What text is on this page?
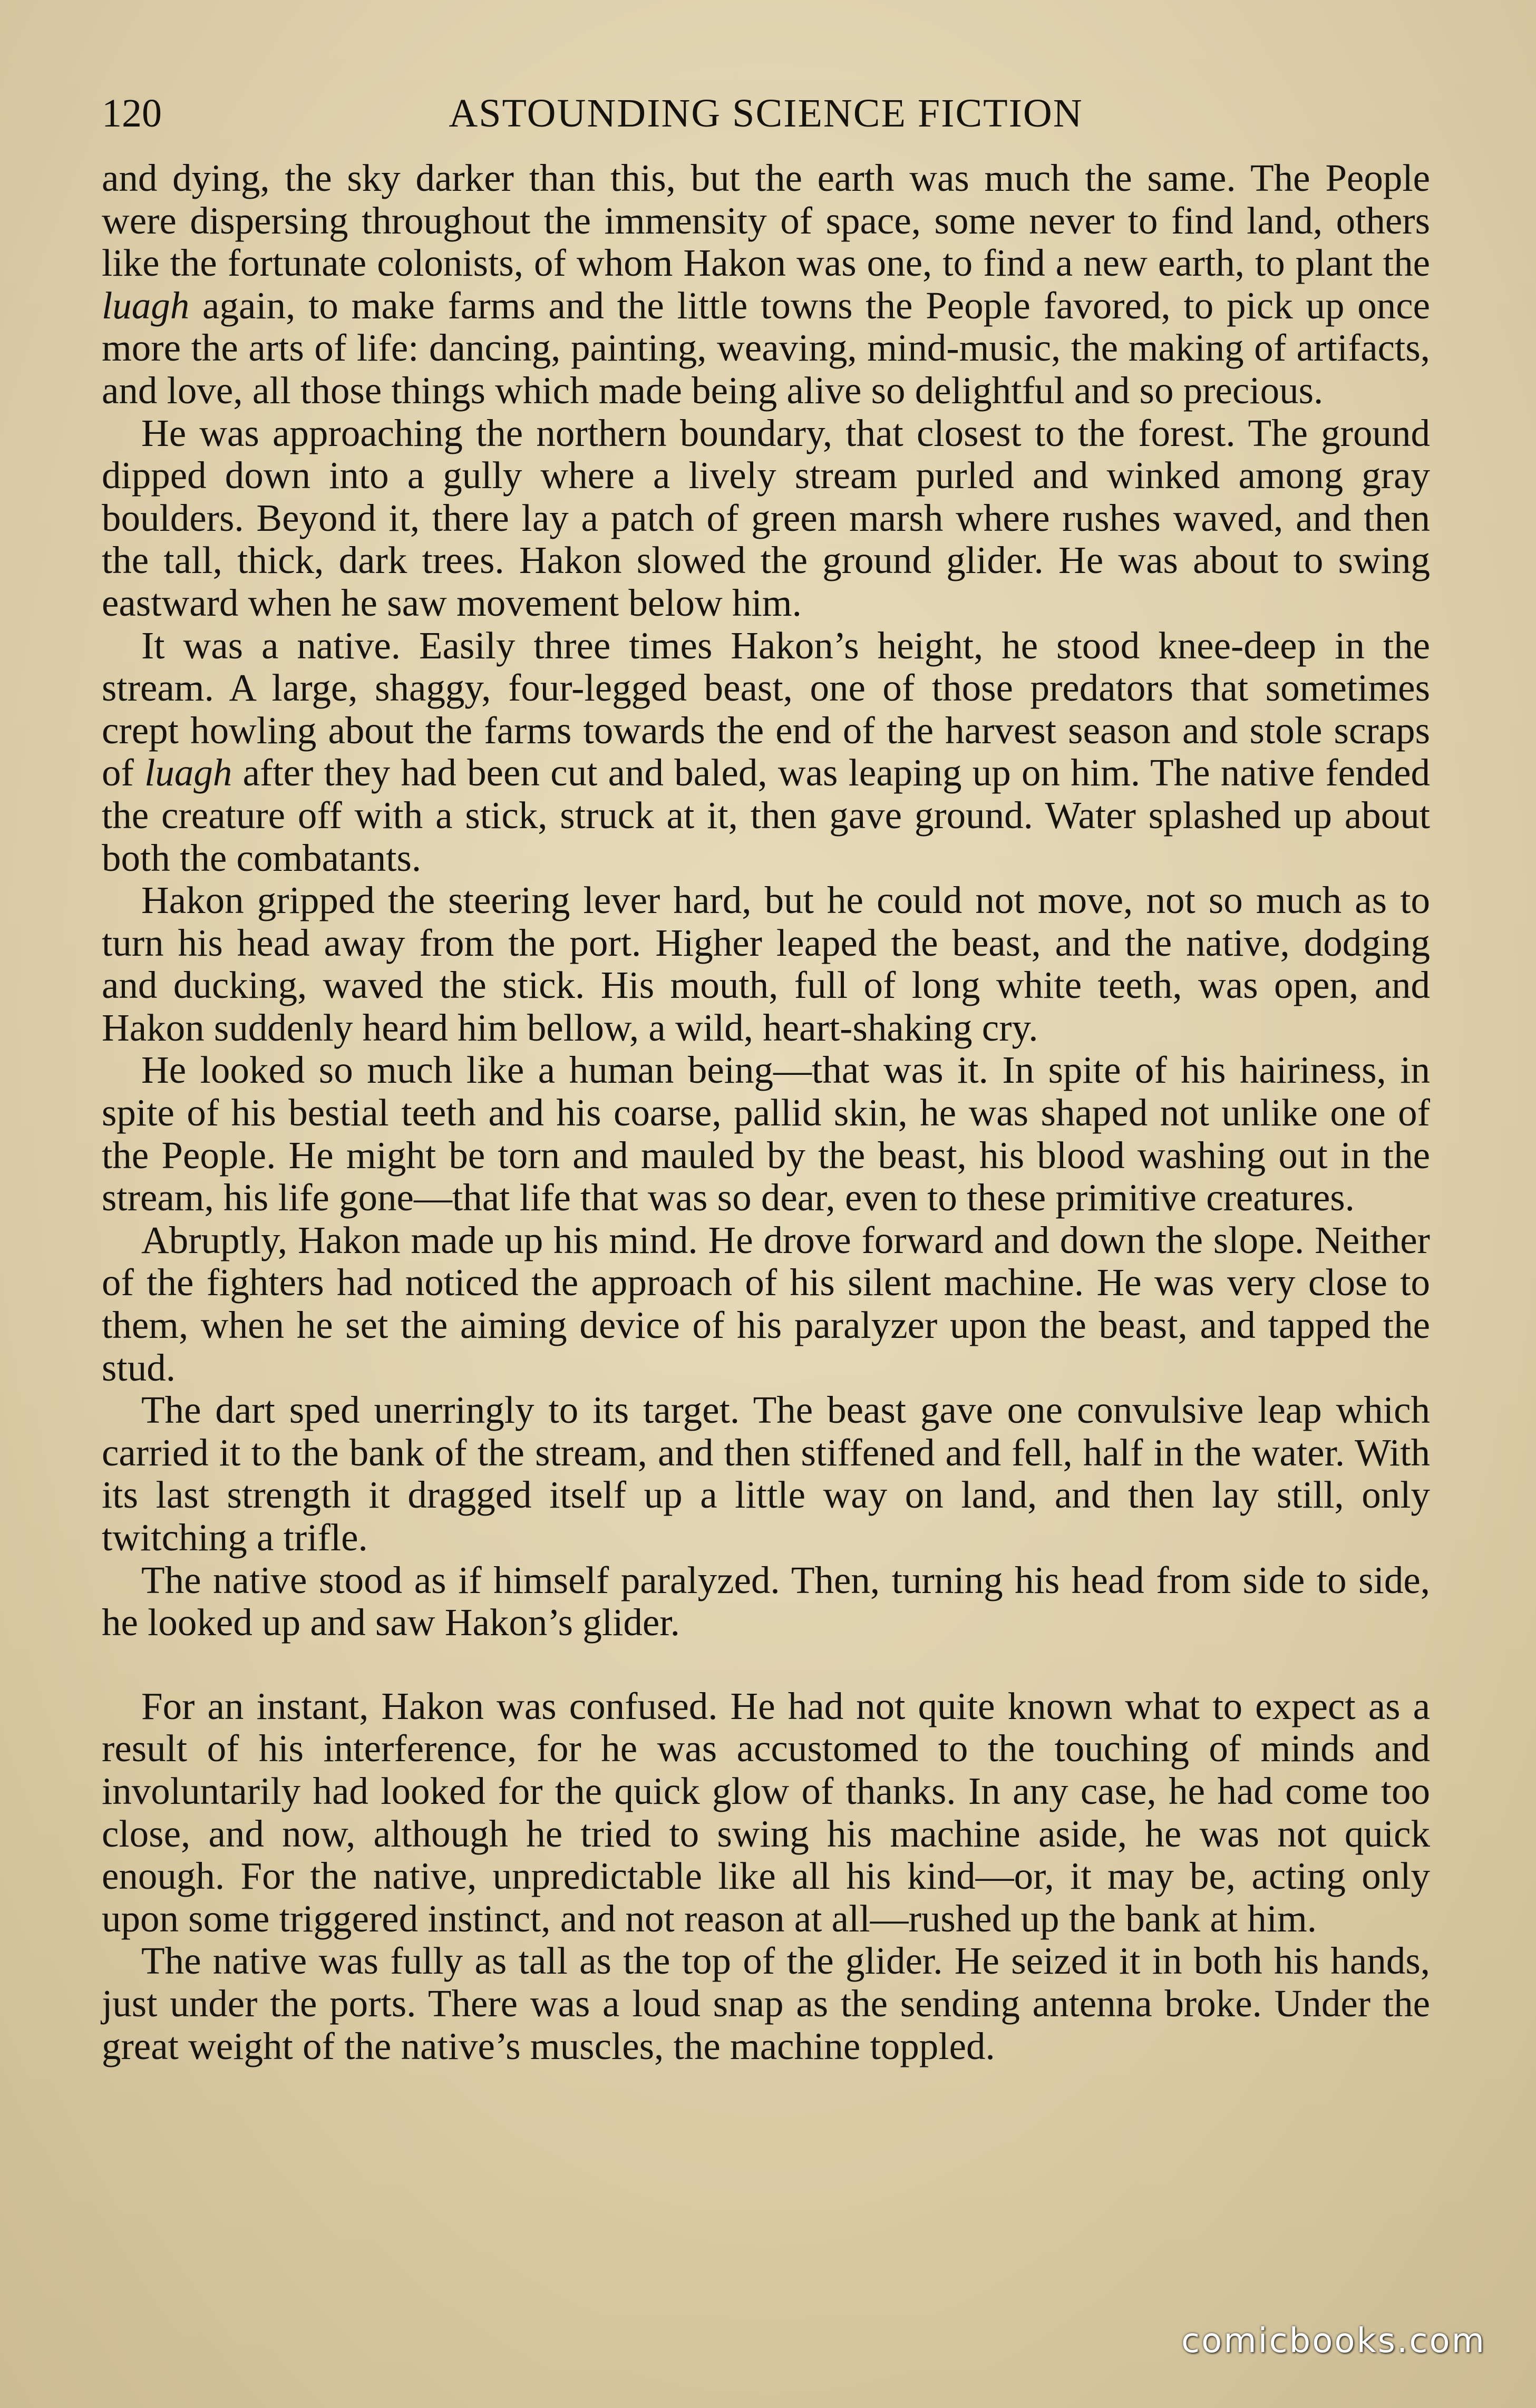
120	ASTOUNDING SCIENCE FICTION

and dying, the sky darker than this, but the earth was much the same. The People were dispersing throughout the immensity of space, some never to find land, others like the fortunate colonists, of whom Hakon was one, to find a new earth, to plant the luagh again, to make farms and the little towns the People favored, to pick up once more the arts of life: dancing, painting, weaving, mind-music, the making of artifacts, and love, all those things which made being alive so delightful and so precious.

He was approaching the northern boundary, that closest to the forest. The ground dipped down into a gully where a lively stream purled and winked among gray boulders. Beyond it, there lay a patch of green marsh where rushes waved, and then the tall, thick, dark trees. Hakon slowed the ground glider. He was about to swing eastward when he saw movement below him.

It was a native. Easily three times Hakon’s height, he stood knee-deep in the stream. A large, shaggy, four-legged beast, one of those predators that sometimes crept howling about the farms towards the end of the harvest season and stole scraps of luagh after they had been cut and baled, was leaping up on him. The native fended the creature off with a stick, struck at it, then gave ground. Water splashed up about both the combatants.

Hakon gripped the steering lever hard, but he could not move, not so much as to turn his head away from the port. Higher leaped the beast, and the native, dodging and ducking, waved the stick. His mouth, full of long white teeth, was open, and Hakon suddenly heard him bellow, a wild, heart-shaking cry.

He looked so much like a human being—that was it. In spite of his hairiness, in spite of his bestial teeth and his coarse, pallid skin, he was shaped not unlike one of the People. He might be torn and mauled by the beast, his blood washing out in the stream, his life gone—that life that was so dear, even to these primitive creatures.

Abruptly, Hakon made up his mind. He drove forward and down the slope. Neither of the fighters had noticed the approach of his silent machine. He was very close to them, when he set the aiming device of his paralyzer upon the beast, and tapped the stud.

The dart sped unerringly to its target. The beast gave one convulsive leap which carried it to the bank of the stream, and then stiffened and fell, half in the water. With its last strength it dragged itself up a little way on land, and then lay still, only twitching a trifle.

The native stood as if himself paralyzed. Then, turning his head from side to side, he looked up and saw Hakon’s glider.

For an instant, Hakon was confused. He had not quite known what to expect as a result of his interference, for he was accustomed to the touching of minds and involuntarily had looked for the quick glow of thanks. In any case, he had come too close, and now, although he tried to swing his machine aside, he was not quick enough. For the native, unpredictable like all his kind—or, it may be, acting only upon some triggered instinct, and not reason at all—rushed up the bank at him.

The native was fully as tall as the top of the glider. He seized it in both his hands, just under the ports. There was a loud snap as the sending antenna broke. Under the great weight of the native’s muscles, the machine toppled.

comicbooks.com
